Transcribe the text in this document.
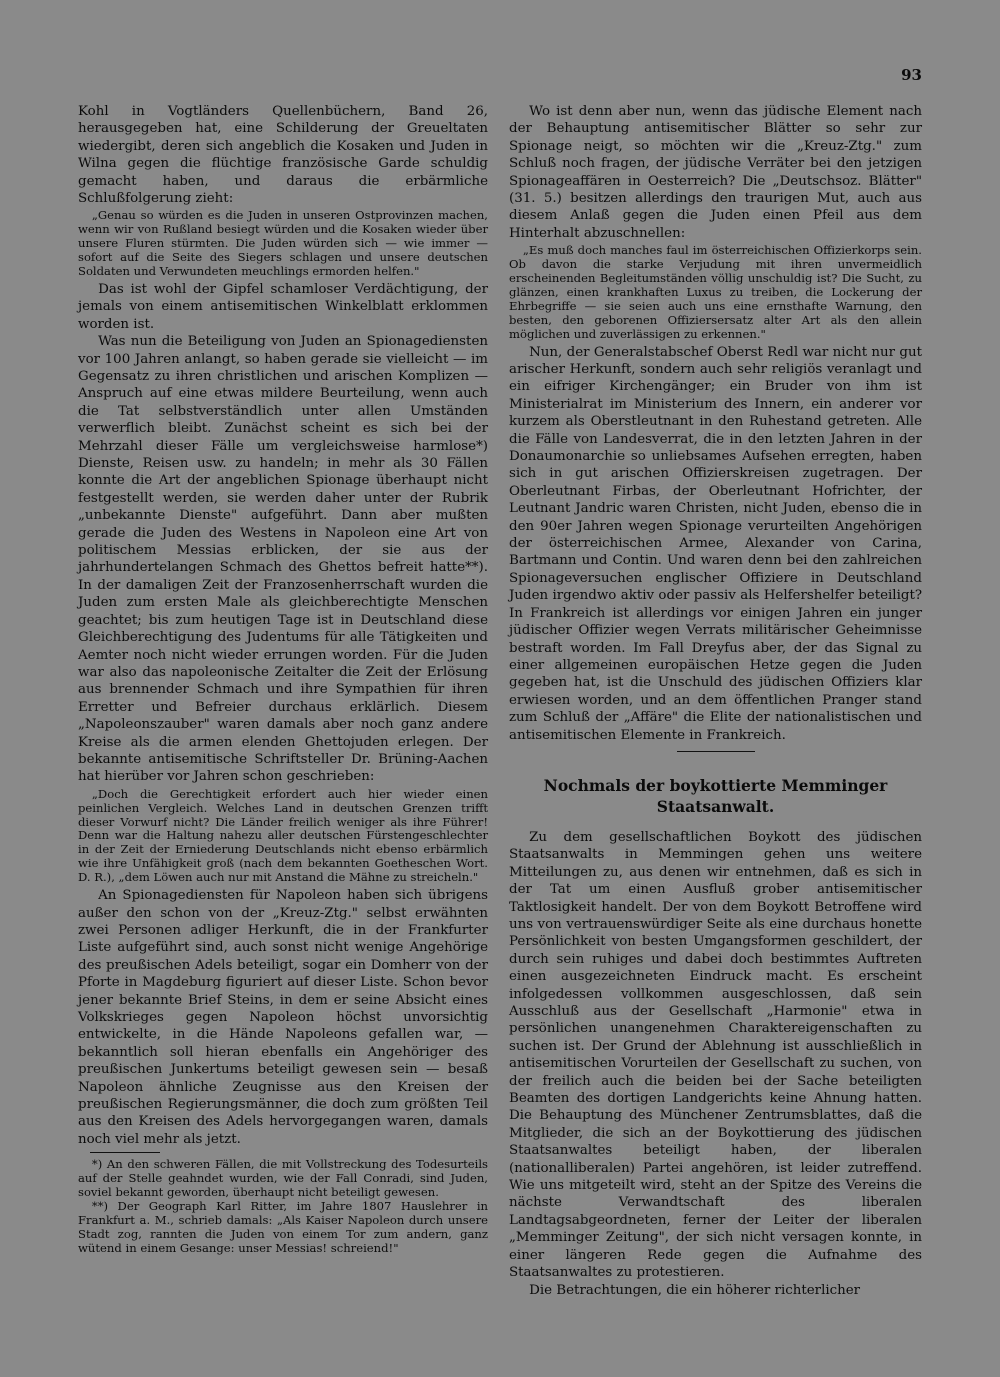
93

Kohl in Vogtländers Quellenbüchern, Band 26, herausgegeben hat, eine Schilderung der Greueltaten wiedergibt, deren sich angeblich die Kosaken und Juden in Wilna gegen die flüchtige französische Garde schuldig gemacht haben, und daraus die erbärmliche Schlußfolgerung zieht:

„Genau so würden es die Juden in unseren Ostprovinzen machen, wenn wir von Rußland besiegt würden und die Kosaken wieder über unsere Fluren stürmten. Die Juden würden sich — wie immer — sofort auf die Seite des Siegers schlagen und unsere deutschen Soldaten und Verwundeten meuchlings ermorden helfen."

Das ist wohl der Gipfel schamloser Verdächtigung, der jemals von einem antisemitischen Winkelblatt erklommen worden ist.

Was nun die Beteiligung von Juden an Spionagediensten vor 100 Jahren anlangt, so haben gerade sie vielleicht — im Gegensatz zu ihren christlichen und arischen Komplizen — Anspruch auf eine etwas mildere Beurteilung, wenn auch die Tat selbstverständlich unter allen Umständen verwerflich bleibt. Zunächst scheint es sich bei der Mehrzahl dieser Fälle um vergleichsweise harmlose*) Dienste, Reisen usw. zu handeln; in mehr als 30 Fällen konnte die Art der angeblichen Spionage überhaupt nicht festgestellt werden, sie werden daher unter der Rubrik „unbekannte Dienste" aufgeführt. Dann aber mußten gerade die Juden des Westens in Napoleon eine Art von politischem Messias erblicken, der sie aus der jahrhundertelangen Schmach des Ghettos befreit hatte**). In der damaligen Zeit der Franzosenherrschaft wurden die Juden zum ersten Male als gleichberechtigte Menschen geachtet; bis zum heutigen Tage ist in Deutschland diese Gleichberechtigung des Judentums für alle Tätigkeiten und Aemter noch nicht wieder errungen worden. Für die Juden war also das napoleonische Zeitalter die Zeit der Erlösung aus brennender Schmach und ihre Sympathien für ihren Erretter und Befreier durchaus erklärlich. Diesem „Napoleonszauber" waren damals aber noch ganz andere Kreise als die armen elenden Ghettojuden erlegen. Der bekannte antisemitische Schriftsteller Dr. Brüning-Aachen hat hierüber vor Jahren schon geschrieben:

„Doch die Gerechtigkeit erfordert auch hier wieder einen peinlichen Vergleich. Welches Land in deutschen Grenzen trifft dieser Vorwurf nicht? Die Länder freilich weniger als ihre Führer! Denn war die Haltung nahezu aller deutschen Fürstengeschlechter in der Zeit der Erniederung Deutschlands nicht ebenso erbärmlich wie ihre Unfähigkeit groß (nach dem bekannten Goetheschen Wort. D. R.), „dem Löwen auch nur mit Anstand die Mähne zu streicheln."

An Spionagediensten für Napoleon haben sich übrigens außer den schon von der „Kreuz-Ztg." selbst erwähnten zwei Personen adliger Herkunft, die in der Frankfurter Liste aufgeführt sind, auch sonst nicht wenige Angehörige des preußischen Adels beteiligt, sogar ein Domherr von der Pforte in Magdeburg figuriert auf dieser Liste. Schon bevor jener bekannte Brief Steins, in dem er seine Absicht eines Volkskrieges gegen Napoleon höchst unvorsichtig entwickelte, in die Hände Napoleons gefallen war, — bekanntlich soll hieran ebenfalls ein Angehöriger des preußischen Junkertums beteiligt gewesen sein — besaß Napoleon ähnliche Zeugnisse aus den Kreisen der preußischen Regierungsmänner, die doch zum größten Teil aus den Kreisen des Adels hervorgegangen waren, damals noch viel mehr als jetzt.

*) An den schweren Fällen, die mit Vollstreckung des Todesurteils auf der Stelle geahndet wurden, wie der Fall Conradi, sind Juden, soviel bekannt geworden, überhaupt nicht beteiligt gewesen.

**) Der Geograph Karl Ritter, im Jahre 1807 Hauslehrer in Frankfurt a. M., schrieb damals: „Als Kaiser Napoleon durch unsere Stadt zog, rannten die Juden von einem Tor zum andern, ganz wütend in einem Gesange: unser Messias! schreiend!"

Wo ist denn aber nun, wenn das jüdische Element nach der Behauptung antisemitischer Blätter so sehr zur Spionage neigt, so möchten wir die „Kreuz-Ztg." zum Schluß noch fragen, der jüdische Verräter bei den jetzigen Spionageaffären in Oesterreich? Die „Deutschsoz. Blätter" (31. 5.) besitzen allerdings den traurigen Mut, auch aus diesem Anlaß gegen die Juden einen Pfeil aus dem Hinterhalt abzuschnellen:

„Es muß doch manches faul im österreichischen Offizierkorps sein. Ob davon die starke Verjudung mit ihren unvermeidlich erscheinenden Begleitumständen völlig unschuldig ist? Die Sucht, zu glänzen, einen krankhaften Luxus zu treiben, die Lockerung der Ehrbegriffe — sie seien auch uns eine ernsthafte Warnung, den besten, den geborenen Offiziersersatz alter Art als den allein möglichen und zuverlässigen zu erkennen."

Nun, der Generalstabschef Oberst Redl war nicht nur gut arischer Herkunft, sondern auch sehr religiös veranlagt und ein eifriger Kirchengänger; ein Bruder von ihm ist Ministerialrat im Ministerium des Innern, ein anderer vor kurzem als Oberstleutnant in den Ruhestand getreten. Alle die Fälle von Landesverrat, die in den letzten Jahren in der Donaumonarchie so unliebsames Aufsehen erregten, haben sich in gut arischen Offizierskreisen zugetragen. Der Oberleutnant Firbas, der Oberleutnant Hofrichter, der Leutnant Jandric waren Christen, nicht Juden, ebenso die in den 90er Jahren wegen Spionage verurteilten Angehörigen der österreichischen Armee, Alexander von Carina, Bartmann und Contin. Und waren denn bei den zahlreichen Spionageversuchen englischer Offiziere in Deutschland Juden irgendwo aktiv oder passiv als Helfershelfer beteiligt? In Frankreich ist allerdings vor einigen Jahren ein junger jüdischer Offizier wegen Verrats militärischer Geheimnisse bestraft worden. Im Fall Dreyfus aber, der das Signal zu einer allgemeinen europäischen Hetze gegen die Juden gegeben hat, ist die Unschuld des jüdischen Offiziers klar erwiesen worden, und an dem öffentlichen Pranger stand zum Schluß der „Affäre" die Elite der nationalistischen und antisemitischen Elemente in Frankreich.

Nochmals der boykottierte Memminger Staatsanwalt.

Zu dem gesellschaftlichen Boykott des jüdischen Staatsanwalts in Memmingen gehen uns weitere Mitteilungen zu, aus denen wir entnehmen, daß es sich in der Tat um einen Ausfluß grober antisemitischer Taktlosigkeit handelt. Der von dem Boykott Betroffene wird uns von vertrauenswürdiger Seite als eine durchaus honette Persönlichkeit von besten Umgangsformen geschildert, der durch sein ruhiges und dabei doch bestimmtes Auftreten einen ausgezeichneten Eindruck macht. Es erscheint infolgedessen vollkommen ausgeschlossen, daß sein Ausschluß aus der Gesellschaft „Harmonie" etwa in persönlichen unangenehmen Charaktereigenschaften zu suchen ist. Der Grund der Ablehnung ist ausschließlich in antisemitischen Vorurteilen der Gesellschaft zu suchen, von der freilich auch die beiden bei der Sache beteiligten Beamten des dortigen Landgerichts keine Ahnung hatten. Die Behauptung des Münchener Zentrumsblattes, daß die Mitglieder, die sich an der Boykottierung des jüdischen Staatsanwaltes beteiligt haben, der liberalen (nationalliberalen) Partei angehören, ist leider zutreffend. Wie uns mitgeteilt wird, steht an der Spitze des Vereins die nächste Verwandtschaft des liberalen Landtagsabgeordneten, ferner der Leiter der liberalen „Memminger Zeitung", der sich nicht versagen konnte, in einer längeren Rede gegen die Aufnahme des Staatsanwaltes zu protestieren.

Die Betrachtungen, die ein höherer richterlicher
